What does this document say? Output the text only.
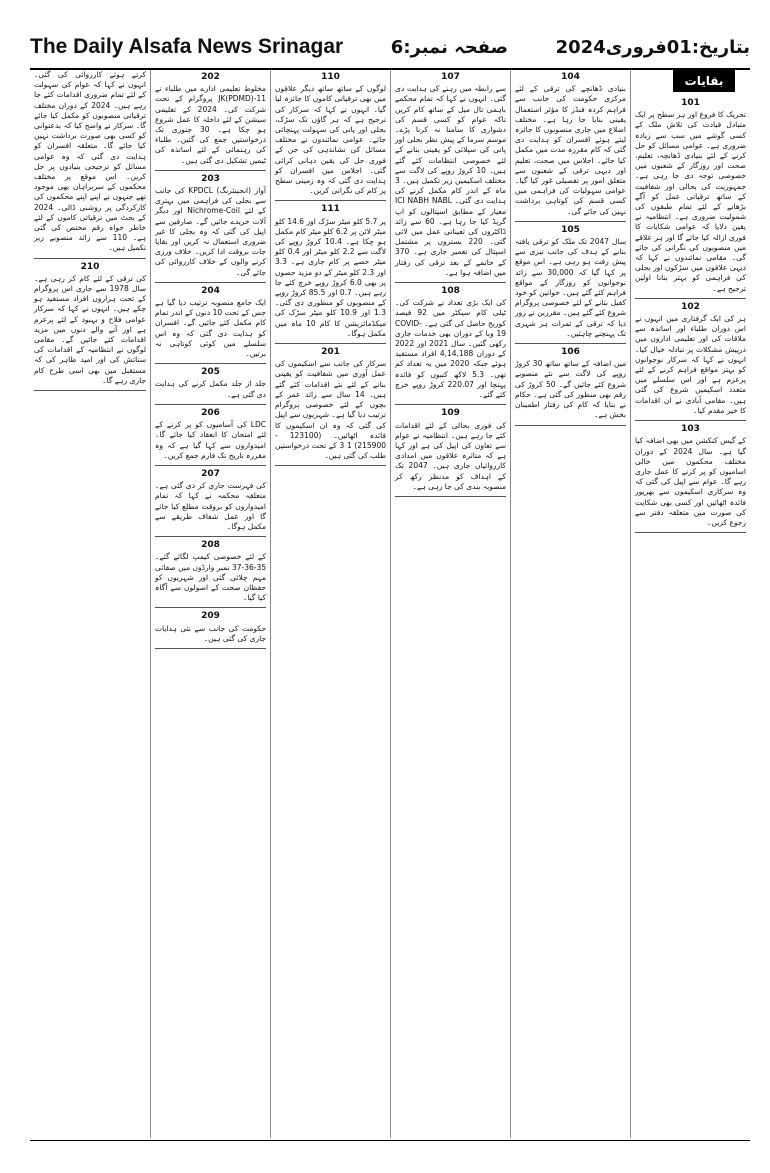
The Daily Alsafa News Srinagar	صفحہ نمبر:6	بتاریخ:01فروری2024
بقایات
101
تحریک کا فروغ اور ہر سطح پر ایک متبادل قیادت کی تلاش ملک کے کسی گوشے میں سب سے زیادہ ضروری ہے۔ عوامی مسائل کو حل کرنے کے لئے بنیادی ڈھانچہ، تعلیم، صحت اور روزگار کے شعبوں میں خصوصی توجہ دی جا رہی ہے۔ جمہوریت کی بحالی اور شفافیت کے ساتھ ترقیاتی عمل کو آگے بڑھانے کے لئے تمام طبقوں کی شمولیت ضروری ہے۔ انتظامیہ نے یقین دلایا کہ عوامی شکایات کا فوری ازالہ کیا جائے گا اور ہر علاقے میں منصوبوں کی نگرانی کی جائے گی۔ مقامی نمائندوں نے کہا کہ دیہی علاقوں میں سڑکوں اور بجلی کی فراہمی کو بہتر بنانا اولین ترجیح ہے۔
102
ہر کی ایک گرفتاری میں انہوں نے اس دوران طلباء اور اساتذہ سے ملاقات کی اور تعلیمی اداروں میں درپیش مشکلات پر تبادلہ خیال کیا۔ انہوں نے کہا کہ سرکار نوجوانوں کو بہتر مواقع فراہم کرنے کے لئے پرعزم ہے اور اس سلسلے میں متعدد اسکیمیں شروع کی گئی ہیں۔ مقامی آبادی نے ان اقدامات کا خیر مقدم کیا۔
103
کے گیس کنکشن میں بھی اضافہ کیا گیا ہے۔ سال 2024 کے دوران مختلف محکموں میں خالی اسامیوں کو پر کرنے کا عمل جاری رہے گا۔ عوام سے اپیل کی گئی کہ وہ سرکاری اسکیموں سے بھرپور فائدہ اٹھائیں اور کسی بھی شکایت کی صورت میں متعلقہ دفتر سے رجوع کریں۔
104
بنیادی ڈھانچے کی ترقی کے لئے مرکزی حکومت کی جانب سے فراہم کردہ فنڈز کا مؤثر استعمال یقینی بنایا جا رہا ہے۔ مختلف اضلاع میں جاری منصوبوں کا جائزہ لیتے ہوئے افسران کو ہدایت دی گئی کہ کام مقررہ مدت میں مکمل کیا جائے۔ اجلاس میں صحت، تعلیم اور دیہی ترقی کے شعبوں سے متعلق امور پر تفصیلی غور کیا گیا۔ عوامی سہولیات کی فراہمی میں کسی قسم کی کوتاہی برداشت نہیں کی جائے گی۔
105
سال 2047 تک ملک کو ترقی یافتہ بنانے کے ہدف کی جانب تیزی سے پیش رفت ہو رہی ہے۔ اس موقع پر کہا گیا کہ 30,000 سے زائد نوجوانوں کو روزگار کے مواقع فراہم کئے گئے ہیں۔ خواتین کو خود کفیل بنانے کے لئے خصوصی پروگرام شروع کئے گئے ہیں۔ مقررین نے زور دیا کہ ترقی کے ثمرات ہر شہری تک پہنچنے چاہئیں۔
106
میں اضافہ کے ساتھ ساتھ 30 کروڑ روپے کی لاگت سے نئے منصوبے شروع کئے جائیں گے۔ 50 کروڑ کی رقم بھی منظور کی گئی ہے۔ حکام نے بتایا کہ کام کی رفتار اطمینان بخش ہے۔
107
سے رابطہ میں رہنے کی ہدایت دی گئی۔ انہوں نے کہا کہ تمام محکمے باہمی تال میل کے ساتھ کام کریں تاکہ عوام کو کسی قسم کی دشواری کا سامنا نہ کرنا پڑے۔ موسم سرما کے پیش نظر بجلی اور پانی کی سپلائی کو یقینی بنانے کے لئے خصوصی انتظامات کئے گئے ہیں۔ 10 کروڑ روپے کی لاگت سے مختلف اسکیمیں زیر تکمیل ہیں۔ 3 ماہ کے اندر کام مکمل کرنے کی ہدایت دی گئی۔ ICI NABH NABL معیار کے مطابق اسپتالوں کو اپ گریڈ کیا جا رہا ہے۔ 60 سے زائد ڈاکٹروں کی تعیناتی عمل میں لائی گئی۔ 220 بستروں پر مشتمل اسپتال کی تعمیر جاری ہے۔ 370 کے خاتمے کے بعد ترقی کی رفتار میں اضافہ ہوا ہے۔
108
کی ایک بڑی تعداد نے شرکت کی۔ ٹیلی کام سیکٹر میں 92 فیصد کوریج حاصل کی گئی ہے۔ COVID-19 وبا کے دوران بھی خدمات جاری رکھی گئیں۔ سال 2021 اور 2022 کے دوران 4,14,188 افراد مستفید ہوئے جبکہ 2020 میں یہ تعداد کم تھی۔ 5.3 لاکھ کنبوں کو فائدہ پہنچا اور 220.07 کروڑ روپے خرچ کئے گئے۔
109
کی فوری بحالی کے لئے اقدامات کئے جا رہے ہیں۔ انتظامیہ نے عوام سے تعاون کی اپیل کی ہے اور کہا ہے کہ متاثرہ علاقوں میں امدادی کارروائیاں جاری ہیں۔ 2047 تک کے اہداف کو مدنظر رکھ کر منصوبہ بندی کی جا رہی ہے۔
110
لوگوں کے ساتھ ساتھ دیگر علاقوں میں بھی ترقیاتی کاموں کا جائزہ لیا گیا۔ انہوں نے کہا کہ سرکار کی ترجیح ہے کہ ہر گاؤں تک سڑک، بجلی اور پانی کی سہولت پہنچائی جائے۔ عوامی نمائندوں نے مختلف مسائل کی نشاندہی کی جن کے فوری حل کی یقین دہانی کرائی گئی۔ اجلاس میں افسران کو ہدایت دی گئی کہ وہ زمینی سطح پر کام کی نگرانی کریں۔
111
پر 5.7 کلو میٹر سڑک اور 14.6 کلو میٹر لائن پر 6.2 کلو میٹر کام مکمل ہو چکا ہے۔ 10.4 کروڑ روپے کی لاگت سے 2.2 کلو میٹر اور 0.4 کلو میٹر حصے پر کام جاری ہے۔ 3.3 اور 2.3 کلو میٹر کے دو مزید حصوں پر بھی 6.0 کروڑ روپے خرچ کئے جا رہے ہیں۔ 0.7 اور 85.5 کروڑ روپے کے منصوبوں کو منظوری دی گئی۔ 1.3 اور 10.9 کلو میٹر سڑک کی میکڈمائزیشن کا کام 10 ماہ میں مکمل ہوگا۔
201
سرکار کی جانب سے اسکیموں کی عمل آوری میں شفافیت کو یقینی بنانے کے لئے نئے اقدامات کئے گئے ہیں۔ 14 سال سے زائد عمر کے بچوں کے لئے خصوصی پروگرام ترتیب دیا گیا ہے۔ شہریوں سے اپیل کی گئی کہ وہ ان اسکیموں کا فائدہ اٹھائیں۔ (123100 - 215900) 1 3 کے تحت درخواستیں طلب کی گئی ہیں۔
202
مخلوط تعلیمی ادارے میں طلباء نے 11-JK(PDMD) پروگرام کے تحت شرکت کی۔ 2024 کے تعلیمی سیشن کے لئے داخلہ کا عمل شروع ہو چکا ہے۔ 30 جنوری تک درخواستیں جمع کی گئیں۔ طلباء کی رہنمائی کے لئے اساتذہ کی ٹیمیں تشکیل دی گئی ہیں۔
203
آواز (انجینئرنگ) KPDCL کی جانب سے بجلی کی فراہمی میں بہتری کے لئے Nichrome-Coil اور دیگر آلات خریدے جائیں گے۔ صارفین سے اپیل کی گئی کہ وہ بجلی کا غیر ضروری استعمال نہ کریں اور بقایا جات بروقت ادا کریں۔ خلاف ورزی کرنے والوں کے خلاف کارروائی کی جائے گی۔
204
ایک جامع منصوبہ ترتیب دیا گیا ہے جس کے تحت 10 دنوں کے اندر تمام کام مکمل کئے جائیں گے۔ افسران کو ہدایت دی گئی کہ وہ اس سلسلے میں کوئی کوتاہی نہ برتیں۔
205
جلد از جلد مکمل کرنے کی ہدایت دی گئی ہے۔
206
LDC کی آسامیوں کو پر کرنے کے لئے امتحان کا انعقاد کیا جائے گا۔ امیدواروں سے کہا گیا ہے کہ وہ مقررہ تاریخ تک فارم جمع کریں۔
207
کی فہرست جاری کر دی گئی ہے۔ متعلقہ محکمہ نے کہا کہ تمام امیدواروں کو بروقت مطلع کیا جائے گا اور عمل شفاف طریقے سے مکمل ہوگا۔
208
کے لئے خصوصی کیمپ لگائے گئے۔ 35-36-37 نمبر وارڈوں میں صفائی مہم چلائی گئی اور شہریوں کو حفظان صحت کے اصولوں سے آگاہ کیا گیا۔
209
حکومت کی جانب سے نئی ہدایات جاری کی گئی ہیں۔
کرتے ہوئے کارروائی کی گئی۔ انہوں نے کہا کہ عوام کی سہولت کے لئے تمام ضروری اقدامات کئے جا رہے ہیں۔ 2024 کے دوران مختلف ترقیاتی منصوبوں کو مکمل کیا جائے گا۔ سرکار نے واضح کیا کہ بدعنوانی کو کسی بھی صورت برداشت نہیں کیا جائے گا۔ متعلقہ افسران کو ہدایت دی گئی کہ وہ عوامی مسائل کو ترجیحی بنیادوں پر حل کریں۔ اس موقع پر مختلف محکموں کے سربراہان بھی موجود تھے جنہوں نے اپنے اپنے محکموں کی کارکردگی پر روشنی ڈالی۔ 2024 کے بجٹ میں ترقیاتی کاموں کے لئے خاطر خواہ رقم مختص کی گئی ہے۔ 110 سے زائد منصوبے زیر تکمیل ہیں۔
210
کی ترقی کے لئے کام کر رہی ہے۔ سال 1978 سے جاری اس پروگرام کے تحت ہزاروں افراد مستفید ہو چکے ہیں۔ انہوں نے کہا کہ سرکار عوامی فلاح و بہبود کے لئے پرعزم ہے اور آنے والے دنوں میں مزید اقدامات کئے جائیں گے۔ مقامی لوگوں نے انتظامیہ کے اقدامات کی ستائش کی اور امید ظاہر کی کہ مستقبل میں بھی اسی طرح کام جاری رہے گا۔
